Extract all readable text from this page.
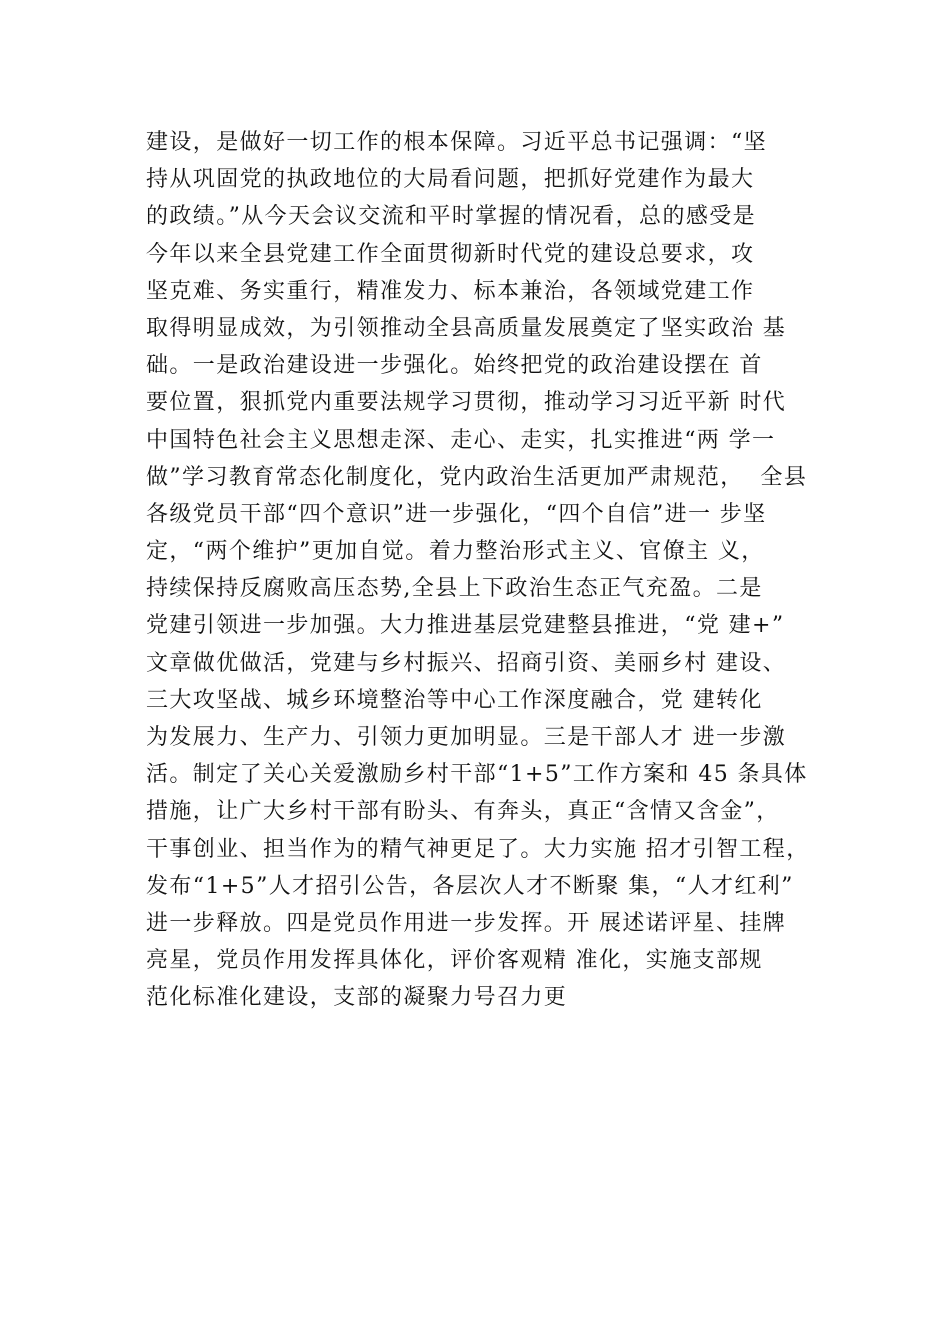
建设，是做好一切工作的根本保障。习近平总书记强调：“坚
持从巩固党的执政地位的大局看问题，把抓好党建作为最大
的政绩。”从今天会议交流和平时掌握的情况看，总的感受是
今年以来全县党建工作全面贯彻新时代党的建设总要求，攻
坚克难、务实重行，精准发力、标本兼治，各领域党建工作
取得明显成效，为引领推动全县高质量发展奠定了坚实政治 基
础。一是政治建设进一步强化。始终把党的政治建设摆在 首
要位置，狠抓党内重要法规学习贯彻，推动学习习近平新 时代
中国特色社会主义思想走深、走心、走实，扎实推进“两 学一
做”学习教育常态化制度化，党内政治生活更加严肃规范，  全县
各级党员干部“四个意识”进一步强化，“四个自信”进一 步坚
定，“两个维护”更加自觉。着力整治形式主义、官僚主 义，
持续保持反腐败高压态势,全县上下政治生态正气充盈。二是
党建引领进一步加强。大力推进基层党建整县推进，“党 建+”
文章做优做活，党建与乡村振兴、招商引资、美丽乡村 建设、
三大攻坚战、城乡环境整治等中心工作深度融合，党 建转化
为发展力、生产力、引领力更加明显。三是干部人才 进一步激
活。制定了关心关爱激励乡村干部“1+5”工作方案和 45 条具体
措施，让广大乡村干部有盼头、有奔头，真正“含情又含金”，
干事创业、担当作为的精气神更足了。大力实施 招才引智工程，
发布“1+5”人才招引公告，各层次人才不断聚 集，“人才红利”
进一步释放。四是党员作用进一步发挥。开 展述诺评星、挂牌
亮星，党员作用发挥具体化，评价客观精 准化，实施支部规
范化标准化建设，支部的凝聚力号召力更
